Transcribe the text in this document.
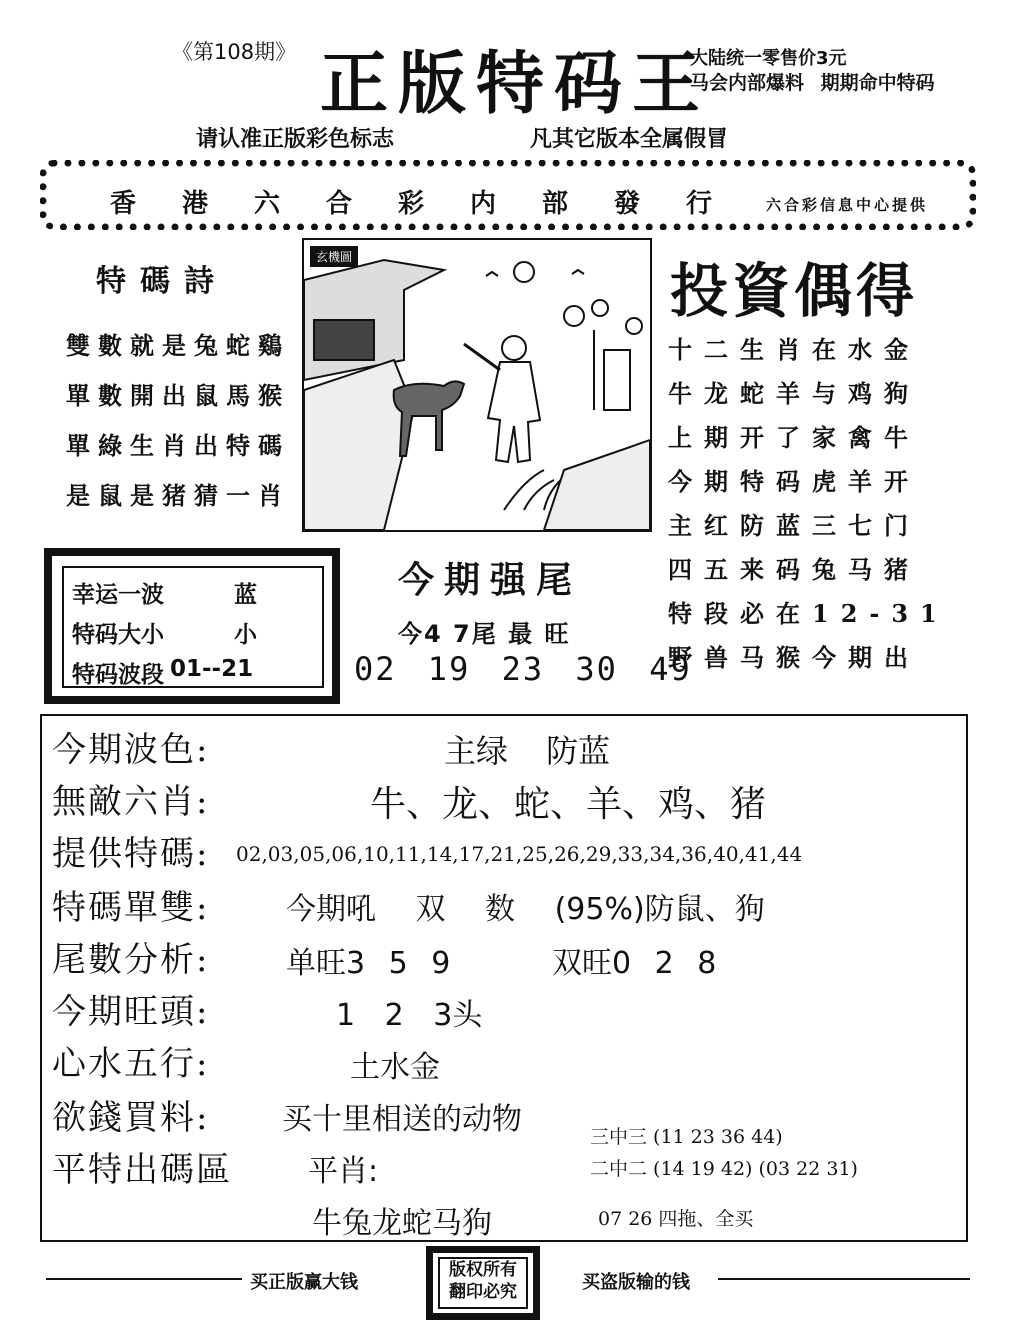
《第108期》 正版特码王
大陆统一零售价3元
马会内部爆料 期期命中特码
请认准正版彩色标志	凡其它版本全属假冒
香港六合彩内部發行 六合彩信息中心提供
特碼詩
雙數就是兔蛇鷄
單數開出鼠馬猴
單綠生肖出特碼
是鼠是猪猜一肖
玄機圖	投資偶得
十二生肖在水金
牛龙蛇羊与鸡狗
上期开了家禽牛
今期特码虎羊开
主红防蓝三七门
四五来码兔马猪
特段必在12-31
野兽马猴今期出
幸运一波	蓝
特码大小	小
特码波段 01--21
今期强尾
今4 7尾 最 旺
02 19 23 30 49
今期波色:	主绿 防蓝
無敵六肖:	牛、龙、蛇、羊、鸡、猪
提供特碼: 02,03,05,06,10,11,14,17,21,25,26,29,33,34,36,40,41,44
特碼單雙:	今期吼 双 数 (95%)防鼠、狗
尾數分析:	单旺3 5 9	双旺0 2 8
今期旺頭:	1 2 3头
心水五行:	土水金
欲錢買料: 买十里相送的动物
平特出碼區	平肖:
牛兔龙蛇马狗
三中三 (11 23 36 44)
二中二 (14 19 42) (03 22 31)
07 26 四拖、全买
买正版赢大钱
版权所有
翻印必究	买盗版输的钱
